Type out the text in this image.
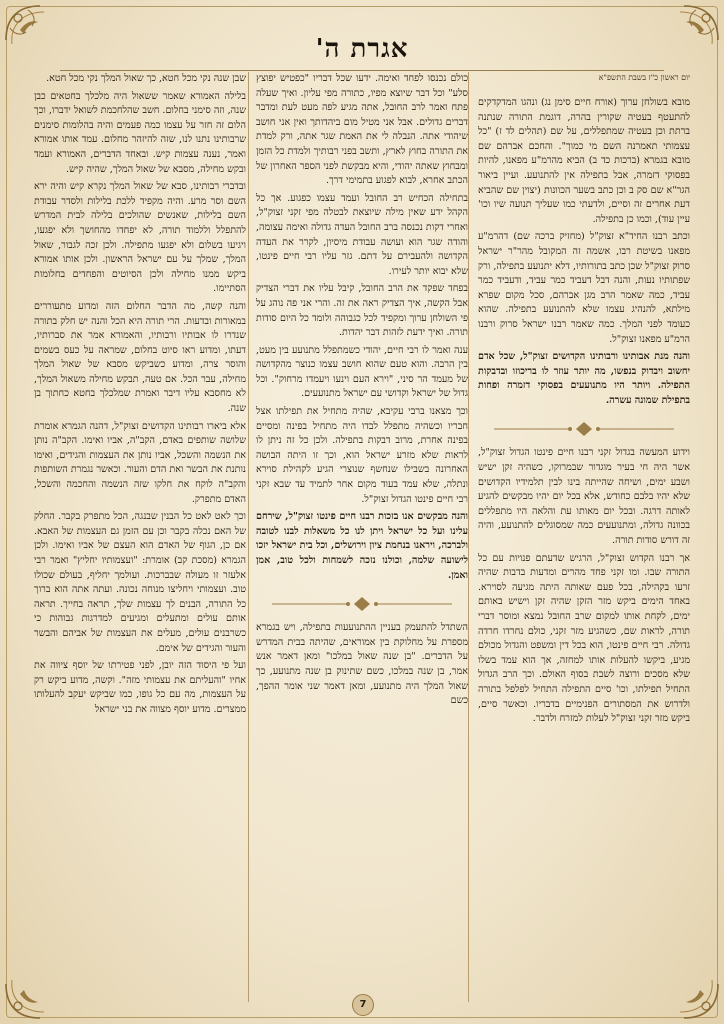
אגרת ה'
יום ראשון כ"ז בשבת התשפ"א

מובא בשולחן ערוך (אורח חיים סימן נג) ונהגו המדקדקים להתעטף בעטיה שקורין בהרה, דוגמת התורה שנתנה ברתת וכן בעטיה שמתפללים, על שם (תהלים לד ז) "כל עצמותי תאמרנה השם מי כמוך". והחכם אברהם שם מובא בגמרא (ברכות כד ב) הביא מהרמ"ע מפאנו, להיות בפסוקי דזמרה, אבל בתפילה אין להתנועע. ועיין ביאור הגר"א שם סק ב וכן כתב בשער הכוונות (יצוין שם שהביא דעת אחרים זה וסיים, ולדעתי כמו שעליך תנועה שיו וכו' עיין עוד), וכמו כן בתפילה.

וכתב רבנו החיד"א זצוק"ל (מחזיק ברכה שם) דהרמ"ע מפאנו בשיטת רבו, אשמה זה המקובל מהר"ר ישראל סרוק זצוק"ל שכן כתב בתורותיו, דלא יתנועע בתפילה, ורק שפתותיו נעות, והנה דבל דעביד כמר עביד, ודעביד כמר עביד, כמה שאמר הרב מגן אברהם, סכל מקום שפרא מילתא, להנהיג עצמו שלא להתנועע בתפילה. שהוא כעומד לפני המלך. כמה שאמר רבנו ישראל סרוק ורבנו הרמ"ע מפאנו זצוק"ל.

והנה מנת אבותינו ורבותינו הקדושים זצוק"ל, שכל אדם יחשוב ויבדוק בנפשו, מה יותר עוזר לו בריכוזו ובדבקות התפילה. ויותר היו מתנועעים בפסוקי דזמרה ופחות בתפילת שמונה עשרה.

וידוע המעשה בגדול זקני רבנו חיים פינטו הגדול זצוק"ל, אשר היה חי בעיר מוגדור שבמרוקו, כשהיה זקן ישיש ושבע ימים, ושיחה שהייתה בינו לבין תלמידיו הקדושים שלא יהיו בלבם כחודש, אלא בכל יום יהיו מבקשים להגיע לאותה דרגה. ובכל יום מאותו עת והלאה היו מתפללים בכוונה גדולה, ומתנועעים כמה שמסוגלים להתנועע, והיה זה דורש סודות תורה.

אך רבנו הקדוש זצוק"ל, הרגיש שדעתם פנויות עם כל התורה שבו. ומו זקני פחד מהרים ומדעות בדבות שהיה זרעו בקהילה, בכל פעם שאותה היתה מגיעה לסוירא. באחד הימים ביקש מזר הזקן שהיה זקן וישיש באותם ימים, לקחת אותו למקום שרב החובל נמצא ומוסר דברי תורה, לראות שם, כשהגיע מזר זקני, כולם נחרדו חרדה גדולה. רבי חיים פינטו, הוא בכל דין ומשפט והגדול מכולם מגיע, ביקשו להעלות אותו למחזה, אך הוא עמד בשלו שלא מסכים ורוצה לשבת בסוף האולם. וכך הרב הגדול התחיל תפילתו, וכו' סיים התפילה התחיל לפלפל בתורה ולדרוש את המסתורים הפנימיים בדבריו. וכאשר סיים, ביקש מזר זקני זצוק"ל לעלות למזרח ולדבר.

כולם נכנסו לפחד ואימה. ידעו שכל דבריו "כפטיש יפוצץ סלע" וכל דבר שיוצא מפיו, כתורה מפי עליון. ואיך שעלה פתח ואמר לרב החובל, אתה מגיע לפה מעט לעת ומדבר דברים גדולים. אבל אני מטיל מום ביהדותך ואין אני חושב שיהודי אתה. הנבלה לי את האמת שגר אתה, ורק למדת את התורה בחוץ לארץ, ותשב בפני רבותיך ולמדת כל הזמן ומבחוץ שאתה יהודי, והיא מבקשת לפני הספר האחרון של הכתב אחרא, לבוא לפגוע בתמימי דרך.

בתחילה הכחיש רב החובל ועמד עצמו כפגוע. אך כל הקהל ידע שאין מילה שיוצאת לבטלה מפי זקני זצוק"ל, ואחרי דקות נכנסה ברב החובל העדה גדולה ואימה עצומה, והודה שגר הוא ועושה עבודת מיסיון, לקרר את העדה הקדושה ולהעבירם על דתם. גזר עליו רבי חיים פינטו, שלא יבוא יותר לעירו.

בפחד שפקד את הרב החובל, קיבל עליו את דברי הצדיק אבל הקשה, איך הצדיק ראה את זה. והרי אני פה נוהג על פי השולחן ערוך ומקפיד לכל כגבוהה ולומד כל היום סודות תורה. ואיך ידעת לזהות דבר יהדות.

ענה ואמר לו רבי חיים, יהודי כשמתפלל מתנועע בין מעט, בין הרבה. והוא טעם שהוא חושב עצמו כנוצר מהקדושה של מעמד הר סיני, "וירא העם וינעו ויעמדו מרחוק". וכל גדול של ישראל וקדושי עם ישראל מתנועעים.

וכך מצאנו ברבי עקיבא, שהיה מתחיל את תפילתו אצל חבריו וכשהיה מתפלל לבדו היה מתחיל בפינה ומסיים בפינה אחרת, מרוב דבקות בתפילה. ולכן כל זה ניתן לו לראות שלא מזרע ישראל הוא, וכך זו היתה הבושה האחרונה בשבילו שנחשף שנוצרי הגיע לקהילת סוירא ונתלה, שלא עמד בעוד מקום אחר לתמיד עד שבא זקני רבי חיים פינטו הגדול זצוק"ל.

והנה מבקשים אנו בזכות רבנו חיים פינטו זצוק"ל, שירחם עלינו ועל כל ישראל ויתן לנו כל משאלות לבנו לטובה ולברכה, ויראנו בנחמת ציון וירושלים, וכל בית ישראל יזכו לישועה שלמה, וכולנו נזכה לשמחות ולכל טוב, אמן ואמן.

השתדל להתעמק בעניין ההתנועעות בתפילה, ויש בגמרא מספרת על מחלוקת בין אמוראים, שהיתה בבית המדרש על הדברים. "בן שנה שאול במלכו" ומאן דאמר אנש אמר, בן שנה במלכו, כשם שתינוק בן שנה מתנועע, כך שאול המלך היה מתנועע, ומאן דאמר שני אומר ההפך, כשם

שבן שנה נקי מכל חטא, כך שאול המלך נקי מכל חטא.

בלילה האמורא שאמר ששאול היה מלכלך בחטאים כבן שנה, וזה סימני בחלום. חשב שהלחכמת לשואל ידברו, וכך הלום זה חזר על עצמו כמה פעמים והיה בהלומות סימנים שרבותינו נתנו לנו, שזה להיזהר מחלום. עמד אותו אמורא ואמר, נענה עצמות קיש. ובאחד הדברים, האמורא ועמד ובקש מחילה, מסבא של שאול המלך, שהיה קיש.

ובדברי רבותינו, סבא של שאול המלך נקרא קיש והיה ירא השם וסר מרע. והיה מקפיד ללכת בלילות ולסדר עבודת השם בלילות, שאנשים שהולכים בלילה לבית המדרש להתפלל וללמוד תורה, לא יפחדו מהחושך ולא יפגעו, ויגיעו בשלום ולא יפגעו מתפילה. ולכן זכה לגבור, שאול המלך, שמלך על עם ישראל הראשון. ולכן אותו אמורא ביקש ממנו מחילה ולכן הסיוטים והפחדים בחלומות הסתיימו.

והנה קשה, מה הדבר החלום הזה ומדוע מתעוררים במאורות ובדעות. הרי תורה היא הכל והנה יש חלק בתורה שנדרו לו אבותיו ורבותיו, והאמורא אמר את סברותיו, דעתו, ומדוע ראו סיוט בחלום, שמראה על כעס בשמים והוסר צרה, ומדוע כשביקש מסבא של שאול המלך מחילה, עבר הכל. אם טעה, תבקש מחילה משאול המלך, לא מחסבא עליו דיבר ואמרת שמלכלך בחטא כחתוך בן שנה.

אלא ביארו רבותינו הקדושים זצוק"ל, דהנה הגמרא אומרת שלושה שותפים באדם, הקב"ה, אביו ואימו. הקב"ה נותן את הנשמה והשכל, אביו נותן את העצמות והגידים, ואימו נותנת את הבשר ואת הדם והעור. וכאשר נגמרת השותפות והקב"ה לוקח את חלקו שזה הנשמה והחכמה והשכל, האדם מתפרק.

וכך לאט לאט כל הבנין שבנגה, הכל מתפרק בקבר. החלק של האם נכלה בקבר וכן עם הזמן גם העצמות של האבא. אם כן, הגוף של האדם הוא העצם של אביו ואימו. ולכן הגמרא (מסכת קב) אומרת: "ועצמותיו יחליץ" ואמר רבי אלעזר זו מעולה שבברכות. ועולמך יחליף, בעולם שכולו טוב. ועצמותי ויחליצו מנוחה נכונה. ועתה אתה הוא ברוך כל התורה, הבנים לך עצמות שלך, תראה בחייך. תראה אותם עולים ומתעלים ומגיעים למדרגות גבוהות כי כשרבנים עולים, מעלים את העצמות של אביהם והבשר והעור והגידים של אימם.

ועל פי היסוד הזה יובן, לפני פטירתו של יוסף ציווה את אחיו "והעליתם את עצמותי מזה". וקשה, מדוע ביקש רק על העצמות, מה עם כל גופו, כמו שביקש יעקב להעלותו ממצרים. מדוע יוסף מצווה את בני ישראל

7
